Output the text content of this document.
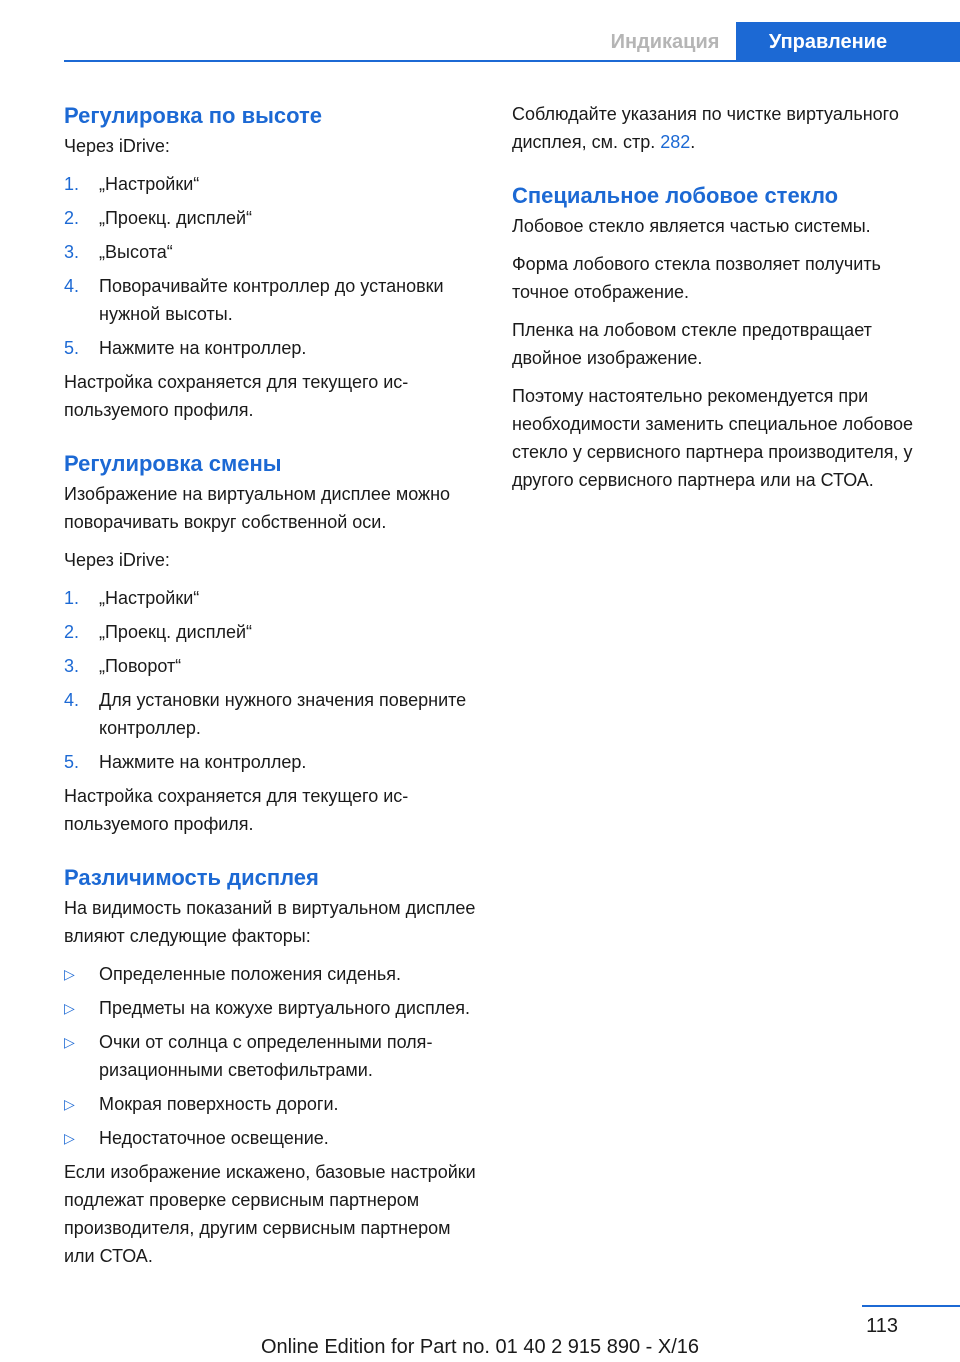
Индикация	Управление
Регулировка по высоте

Через iDrive:

1. „Настройки“
2. „Проекц. дисплей“
3. „Высота“
4. Поворачивайте контроллер до установки нужной высоты.
5. Нажмите на контроллер.

Настройка сохраняется для текущего используемого профиля.

Регулировка смены

Изображение на виртуальном дисплее можно поворачивать вокруг собственной оси.

Через iDrive:

1. „Настройки“
2. „Проекц. дисплей“
3. „Поворот“
4. Для установки нужного значения поверните контроллер.
5. Нажмите на контроллер.

Настройка сохраняется для текущего используемого профиля.

Различимость дисплея

На видимость показаний в виртуальном дисплее влияют следующие факторы:

▷ Определенные положения сиденья.
▷ Предметы на кожухе виртуального дисплея.
▷ Очки от солнца с определенными поляризационными светофильтрами.
▷ Мокрая поверхность дороги.
▷ Недостаточное освещение.

Если изображение искажено, базовые настройки подлежат проверке сервисным партнером производителя, другим сервисным партнером или СТОА.

Соблюдайте указания по чистке виртуального дисплея, см. стр. 282.

Специальное лобовое стекло

Лобовое стекло является частью системы.

Форма лобового стекла позволяет получить точное отображение.

Пленка на лобовом стекле предотвращает двойное изображение.

Поэтому настоятельно рекомендуется при необходимости заменить специальное лобовое стекло у сервисного партнера производителя, у другого сервисного партнера или на СТОА.

113
Online Edition for Part no. 01 40 2 915 890 - X/16
